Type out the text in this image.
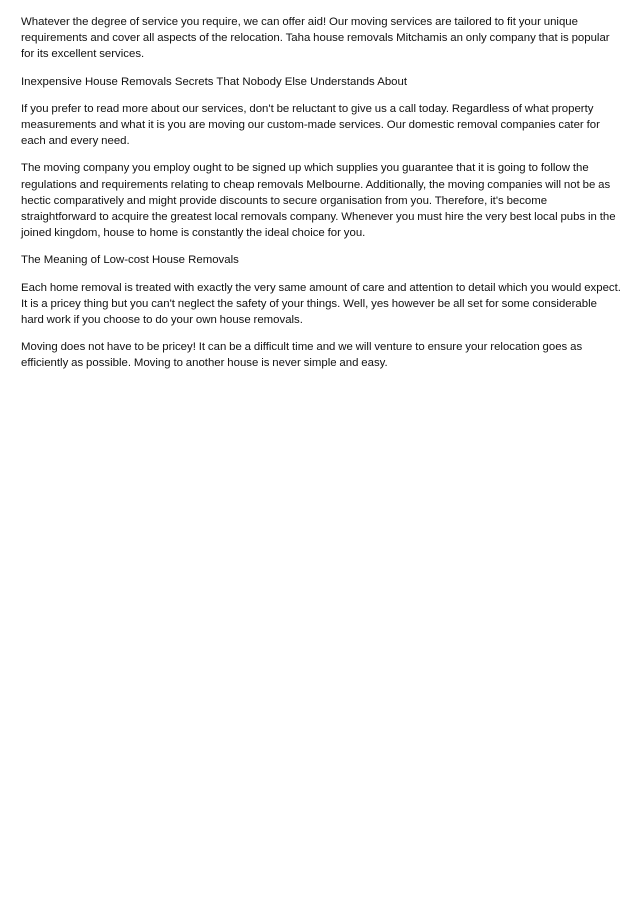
Whatever the degree of service you require, we can offer aid! Our moving services are tailored to fit your unique requirements and cover all aspects of the relocation. Taha house removals Mitchamis an only company that is popular for its excellent services.

Inexpensive House Removals Secrets That Nobody Else Understands About

If you prefer to read more about our services, don't be reluctant to give us a call today. Regardless of what property measurements and what it is you are moving our custom-made services. Our domestic removal companies cater for each and every need.

The moving company you employ ought to be signed up which supplies you guarantee that it is going to follow the regulations and requirements relating to cheap removals Melbourne. Additionally, the moving companies will not be as hectic comparatively and might provide discounts to secure organisation from you. Therefore, it's become straightforward to acquire the greatest local removals company. Whenever you must hire the very best local pubs in the joined kingdom, house to home is constantly the ideal choice for you.

The Meaning of Low-cost House Removals

Each home removal is treated with exactly the very same amount of care and attention to detail which you would expect. It is a pricey thing but you can't neglect the safety of your things. Well, yes however be all set for some considerable hard work if you choose to do your own house removals.

Moving does not have to be pricey! It can be a difficult time and we will venture to ensure your relocation goes as efficiently as possible. Moving to another house is never simple and easy.
